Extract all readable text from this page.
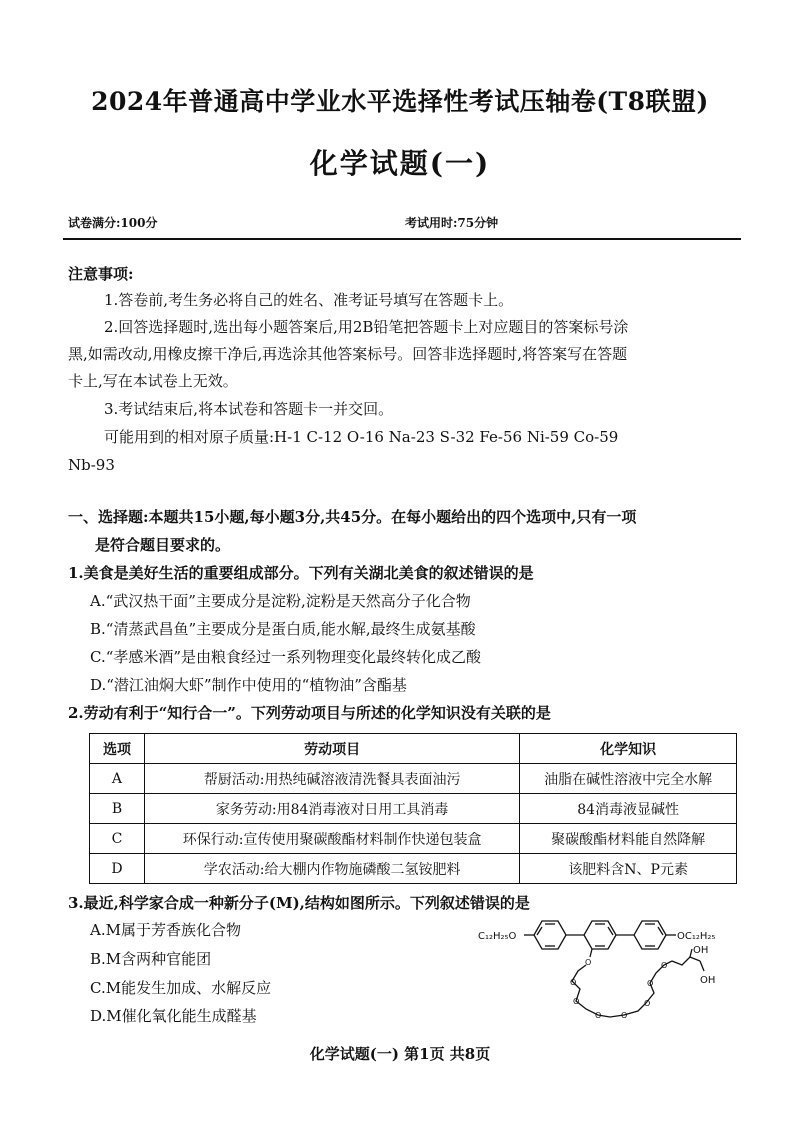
2024年普通高中学业水平选择性考试压轴卷(T8联盟)
化学试题(一)
试卷满分:100分	考试用时:75分钟
注意事项:
1.答卷前,考生务必将自己的姓名、准考证号填写在答题卡上。
2.回答选择题时,选出每小题答案后,用2B铅笔把答题卡上对应题目的答案标号涂
黑,如需改动,用橡皮擦干净后,再选涂其他答案标号。回答非选择题时,将答案写在答题
卡上,写在本试卷上无效。
3.考试结束后,将本试卷和答题卡一并交回。
可能用到的相对原子质量:H-1 C-12 O-16 Na-23 S-32 Fe-56 Ni-59 Co-59
Nb-93
一、选择题:本题共15小题,每小题3分,共45分。在每小题给出的四个选项中,只有一项
是符合题目要求的。
1.美食是美好生活的重要组成部分。下列有关湖北美食的叙述错误的是
A.“武汉热干面”主要成分是淀粉,淀粉是天然高分子化合物
B.“清蒸武昌鱼”主要成分是蛋白质,能水解,最终生成氨基酸
C.“孝感米酒”是由粮食经过一系列物理变化最终转化成乙酸
D.“潜江油焖大虾”制作中使用的“植物油”含酯基
2.劳动有利于“知行合一”。下列劳动项目与所述的化学知识没有关联的是
选项	劳动项目	化学知识
A	帮厨活动:用热纯碱溶液清洗餐具表面油污	油脂在碱性溶液中完全水解
B	家务劳动:用84消毒液对日用工具消毒	84消毒液显碱性
C	环保行动:宣传使用聚碳酸酯材料制作快递包装盒	聚碳酸酯材料能自然降解
D	学农活动:给大棚内作物施磷酸二氢铵肥料	该肥料含N、P元素
3.最近,科学家合成一种新分子(M),结构如图所示。下列叙述错误的是
A.M属于芳香族化合物
B.M含两种官能团
C.M能发生加成、水解反应
D.M催化氧化能生成醛基
C₁₂H₂₅O	OC₁₂H₂₅
OH
OH
O
O
O
O O
O
O
O
化学试题(一) 第1页 共8页
